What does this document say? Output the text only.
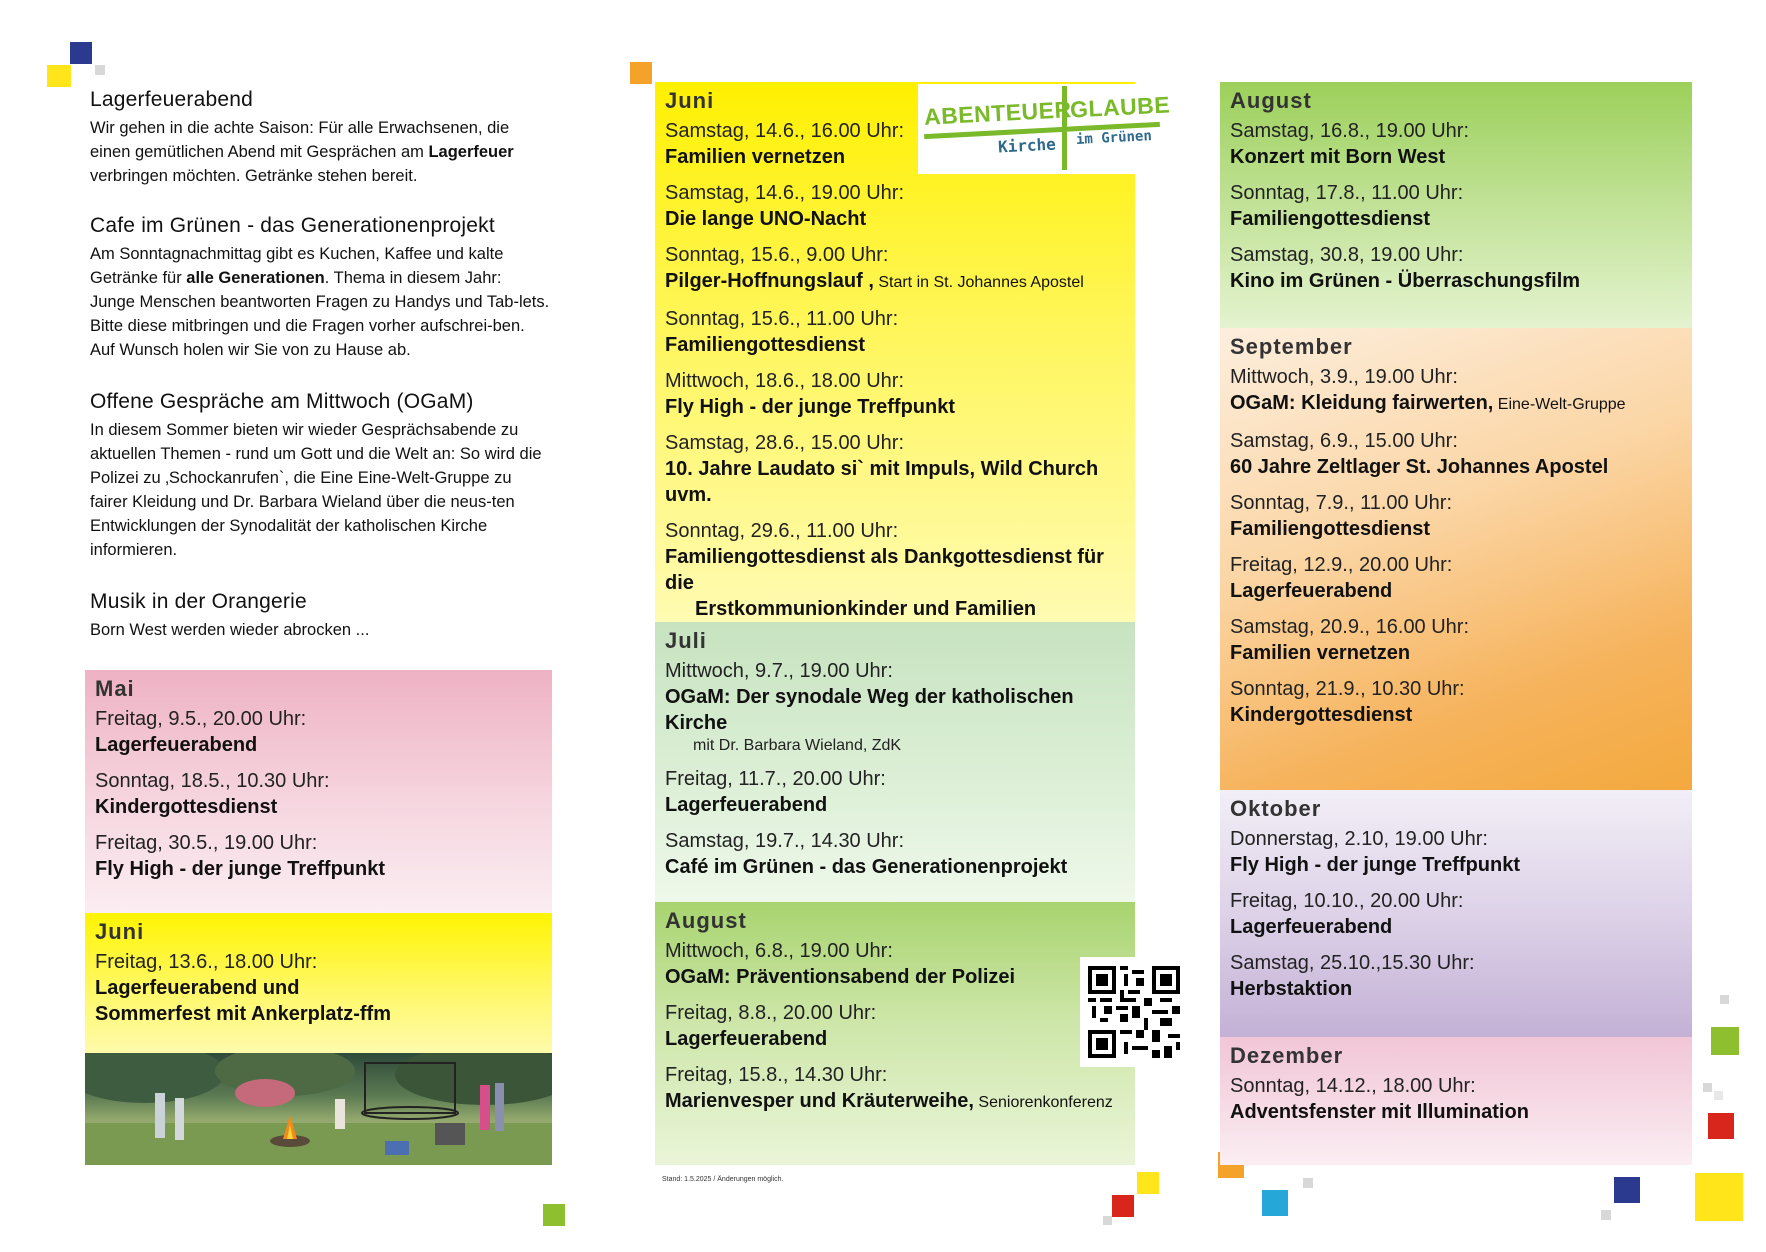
Lagerfeuerabend

Wir gehen in die achte Saison: Für alle Erwachsenen, die einen gemütlichen Abend mit Gesprächen am Lagerfeuer verbringen möchten. Getränke stehen bereit.

Cafe im Grünen - das Generationenprojekt

Am Sonntagnachmittag gibt es Kuchen, Kaffee und kalte Getränke für alle Generationen. Thema in diesem Jahr: Junge Menschen beantworten Fragen zu Handys und Tab-lets. Bitte diese mitbringen und die Fragen vorher aufschrei-ben. Auf Wunsch holen wir Sie von zu Hause ab.

Offene Gespräche am Mittwoch (OGaM)

In diesem Sommer bieten wir wieder Gesprächsabende zu aktuellen Themen - rund um Gott und die Welt an: So wird die Polizei zu ‚Schockanrufen`, die Eine Eine-Welt-Gruppe zu fairer Kleidung und Dr. Barbara Wieland über die neus-ten Entwicklungen der Synodalität der katholischen Kirche informieren.

Musik in der Orangerie

Born West werden wieder abrocken ...

Mai
Freitag, 9.5., 20.00 Uhr:
Lagerfeuerabend
Sonntag, 18.5., 10.30 Uhr:
Kindergottesdienst
Freitag, 30.5., 19.00 Uhr:
Fly High - der junge Treffpunkt
Juni
Freitag, 13.6., 18.00 Uhr:
Lagerfeuerabend und
Sommerfest mit Ankerplatz-ffm
Juni
Samstag, 14.6., 16.00 Uhr:
Familien vernetzen
Samstag, 14.6., 19.00 Uhr:
Die lange UNO-Nacht
Sonntag, 15.6., 9.00 Uhr:
Pilger-Hoffnungslauf , Start in St. Johannes Apostel
Sonntag, 15.6., 11.00 Uhr:
Familiengottesdienst
Mittwoch, 18.6., 18.00 Uhr:
Fly High - der junge Treffpunkt
Samstag, 28.6., 15.00 Uhr:
10. Jahre Laudato si` mit Impuls, Wild Church uvm.
Sonntag, 29.6., 11.00 Uhr:
Familiengottesdienst als Dankgottesdienst für die
Erstkommunionkinder und Familien
ABENTEUER
GLAUBE
Kirche im Grünen
Juli
Mittwoch, 9.7., 19.00 Uhr:
OGaM: Der synodale Weg der katholischen Kirche
mit Dr. Barbara Wieland, ZdK
Freitag, 11.7., 20.00 Uhr:
Lagerfeuerabend
Samstag, 19.7., 14.30 Uhr:
Café im Grünen - das Generationenprojekt
August
Mittwoch, 6.8., 19.00 Uhr:
OGaM: Präventionsabend der Polizei
Freitag, 8.8., 20.00 Uhr:
Lagerfeuerabend
Freitag, 15.8., 14.30 Uhr:
Marienvesper und Kräuterweihe, Seniorenkonferenz
Stand: 1.5.2025 / Änderungen möglich.
August
Samstag, 16.8., 19.00 Uhr:
Konzert mit Born West
Sonntag, 17.8., 11.00 Uhr:
Familiengottesdienst
Samstag, 30.8, 19.00 Uhr:
Kino im Grünen - Überraschungsfilm
September
Mittwoch, 3.9., 19.00 Uhr:
OGaM: Kleidung fairwerten, Eine-Welt-Gruppe
Samstag, 6.9., 15.00 Uhr:
60 Jahre Zeltlager St. Johannes Apostel
Sonntag, 7.9., 11.00 Uhr:
Familiengottesdienst
Freitag, 12.9., 20.00 Uhr:
Lagerfeuerabend
Samstag, 20.9., 16.00 Uhr:
Familien vernetzen
Sonntag, 21.9., 10.30 Uhr:
Kindergottesdienst
Oktober
Donnerstag, 2.10, 19.00 Uhr:
Fly High - der junge Treffpunkt
Freitag, 10.10., 20.00 Uhr:
Lagerfeuerabend
Samstag, 25.10.,15.30 Uhr:
Herbstaktion
Dezember
Sonntag, 14.12., 18.00 Uhr:
Adventsfenster mit Illumination
